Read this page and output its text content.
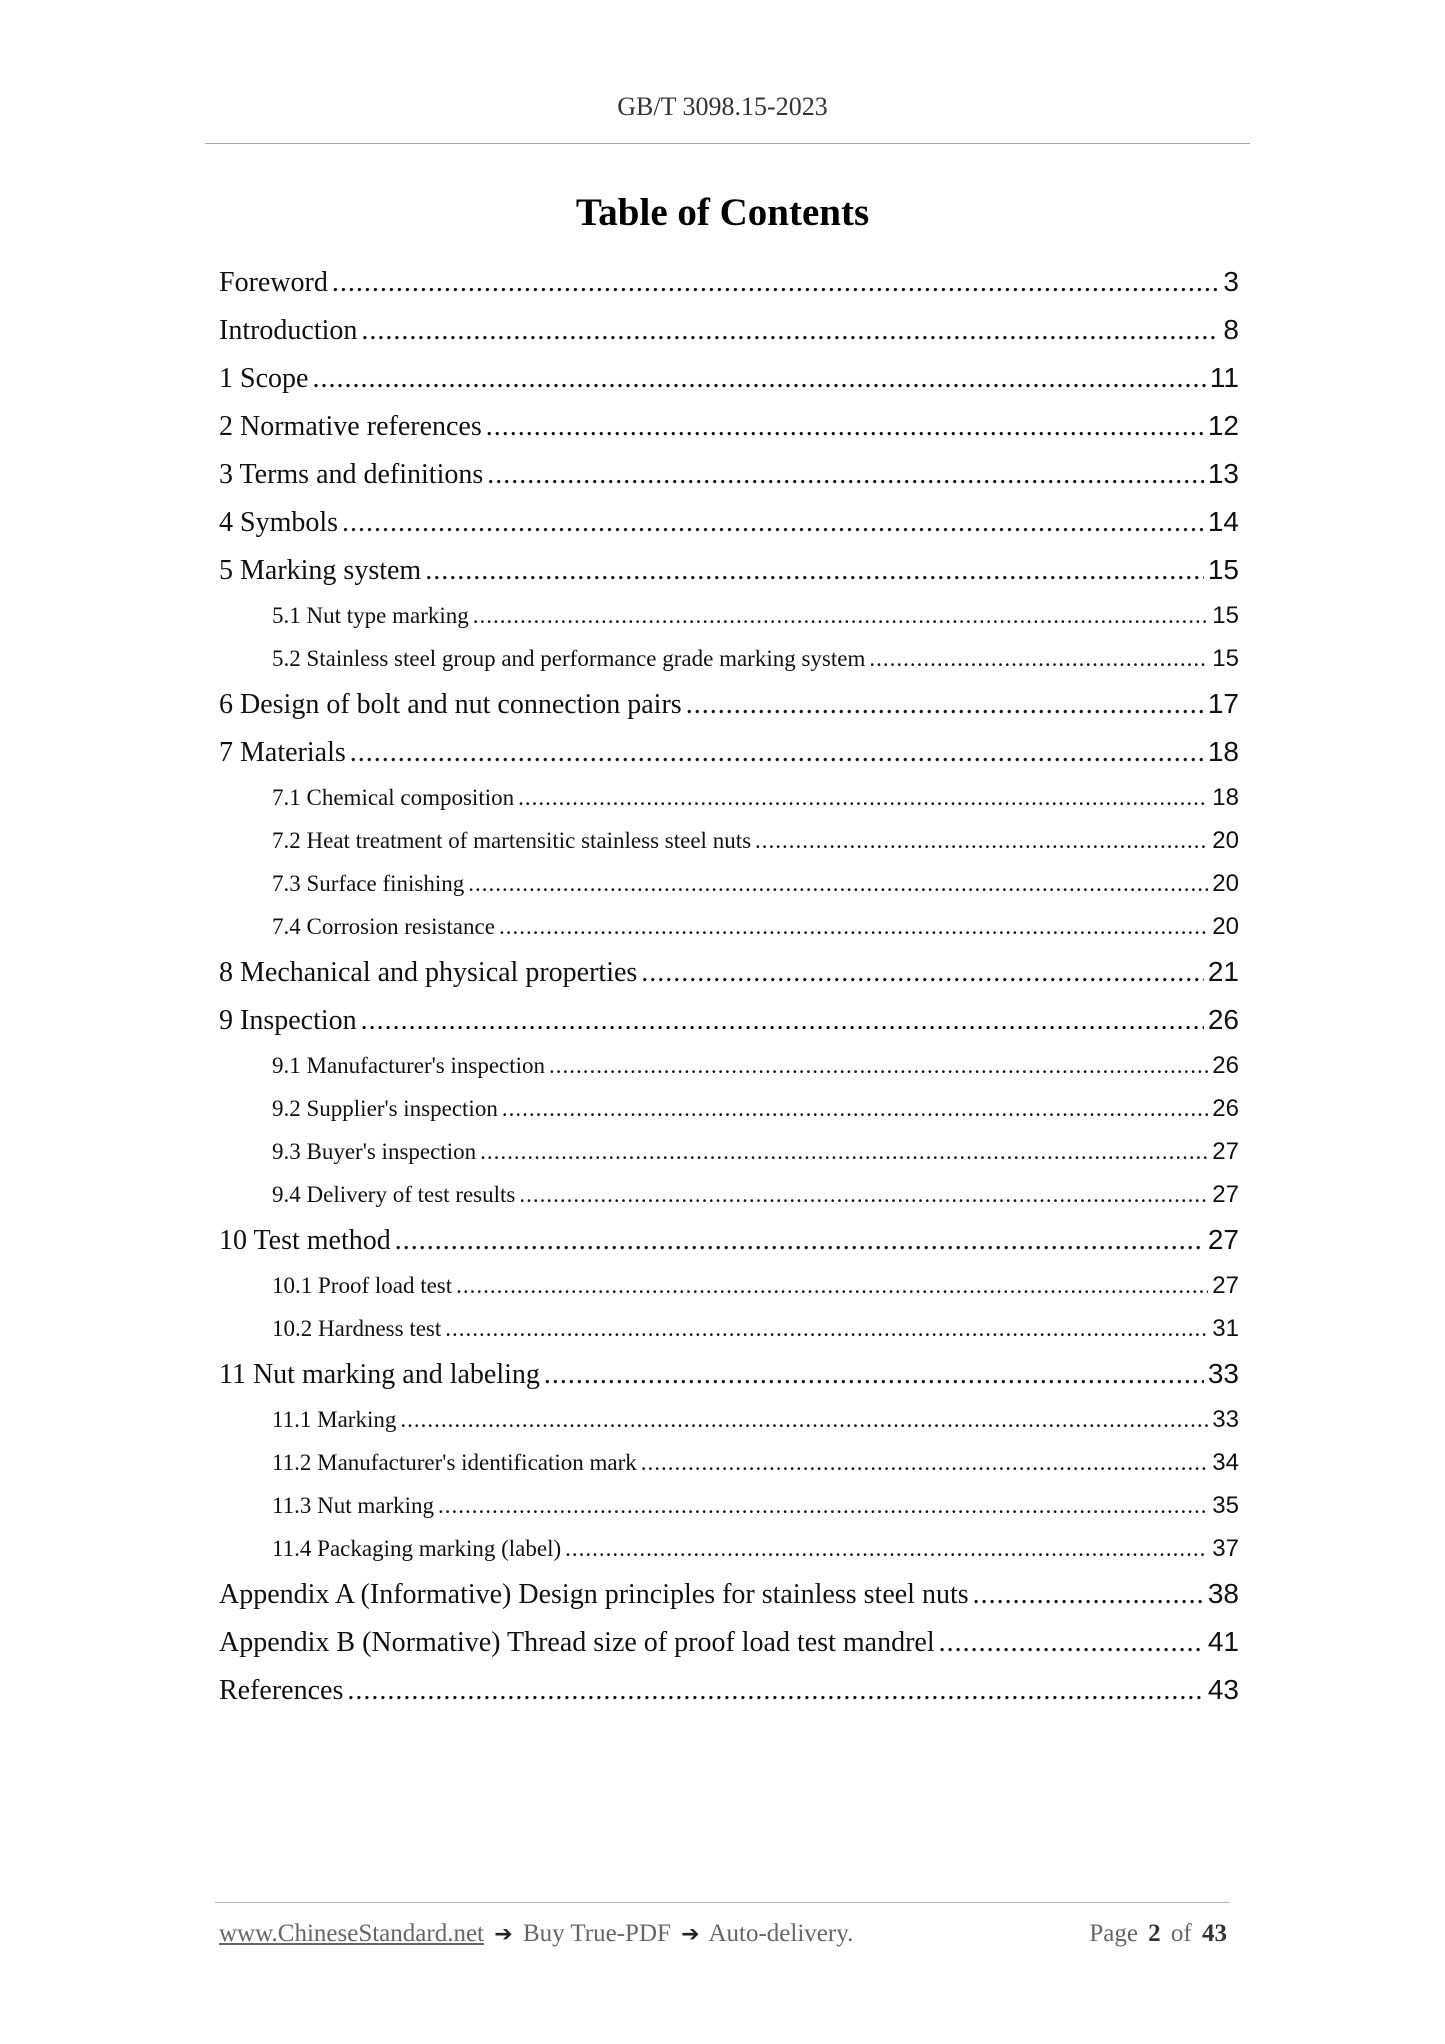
GB/T 3098.15-2023
Table of Contents
Foreword .....	3
Introduction .....	8
1 Scope .....	11
2 Normative references .....	12
3 Terms and definitions .....	13
4 Symbols .....	14
5 Marking system .....	15
5.1 Nut type marking .....	15
5.2 Stainless steel group and performance grade marking system .....	15
6 Design of bolt and nut connection pairs .....	17
7 Materials .....	18
7.1 Chemical composition .....	18
7.2 Heat treatment of martensitic stainless steel nuts .....	20
7.3 Surface finishing .....	20
7.4 Corrosion resistance .....	20
8 Mechanical and physical properties .....	21
9 Inspection .....	26
9.1 Manufacturer's inspection .....	26
9.2 Supplier's inspection .....	26
9.3 Buyer's inspection .....	27
9.4 Delivery of test results .....	27
10 Test method .....	27
10.1 Proof load test .....	27
10.2 Hardness test .....	31
11 Nut marking and labeling .....	33
11.1 Marking .....	33
11.2 Manufacturer's identification mark .....	34
11.3 Nut marking .....	35
11.4 Packaging marking (label) .....	37
Appendix A (Informative) Design principles for stainless steel nuts .....	38
Appendix B (Normative) Thread size of proof load test mandrel .....	41
References .....	43
www.ChineseStandard.net ➔ Buy True-PDF ➔ Auto-delivery.	Page 2 of 43
